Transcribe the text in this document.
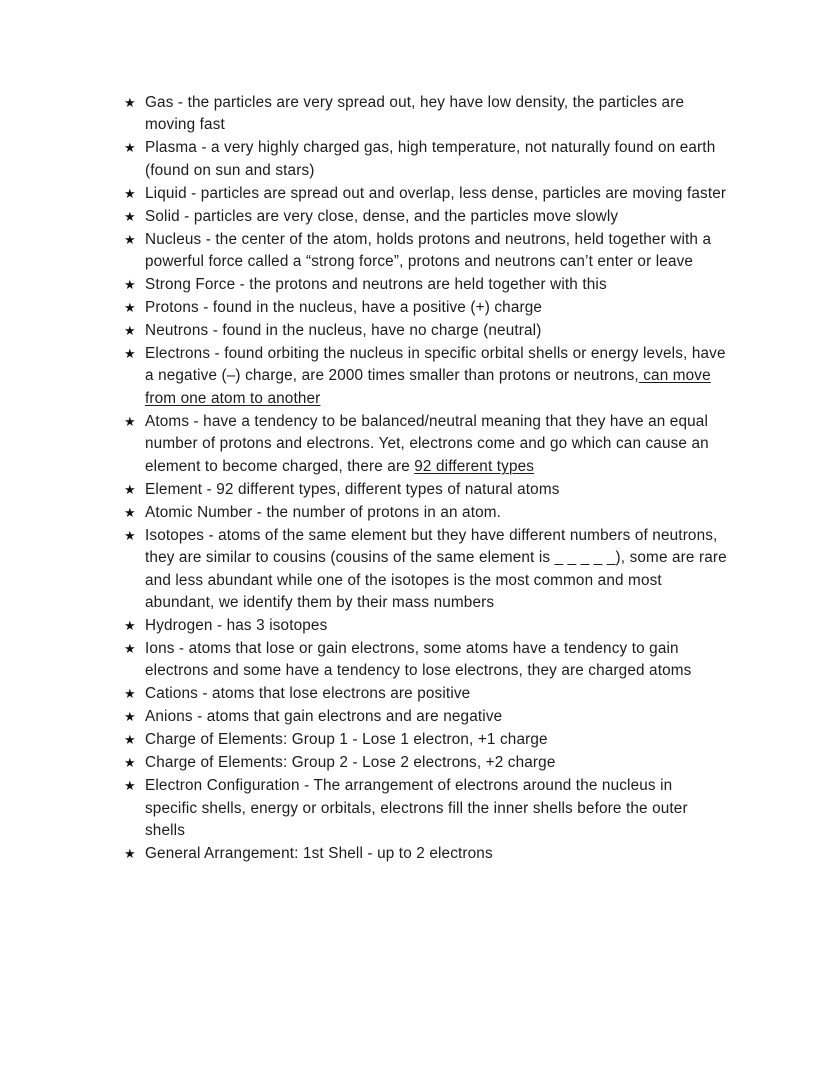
★ Gas - the particles are very spread out, hey have low density, the particles are moving fast
★ Plasma - a very highly charged gas, high temperature, not naturally found on earth (found on sun and stars)
★ Liquid - particles are spread out and overlap, less dense, particles are moving faster
★ Solid - particles are very close, dense, and the particles move slowly
★ Nucleus - the center of the atom, holds protons and neutrons, held together with a powerful force called a “strong force”, protons and neutrons can’t enter or leave
★ Strong Force - the protons and neutrons are held together with this
★ Protons - found in the nucleus, have a positive (+) charge
★ Neutrons - found in the nucleus, have no charge (neutral)
★ Electrons - found orbiting the nucleus in specific orbital shells or energy levels, have a negative (–) charge, are 2000 times smaller than protons or neutrons, can move from one atom to another
★ Atoms - have a tendency to be balanced/neutral meaning that they have an equal number of protons and electrons. Yet, electrons come and go which can cause an element to become charged, there are 92 different types
★ Element - 92 different types, different types of natural atoms
★ Atomic Number - the number of protons in an atom.
★ Isotopes - atoms of the same element but they have different numbers of neutrons, they are similar to cousins (cousins of the same element is _ _ _ _ _), some are rare and less abundant while one of the isotopes is the most common and most abundant, we identify them by their mass numbers
★ Hydrogen - has 3 isotopes
★ Ions - atoms that lose or gain electrons, some atoms have a tendency to gain electrons and some have a tendency to lose electrons, they are charged atoms
★ Cations - atoms that lose electrons are positive
★ Anions - atoms that gain electrons and are negative
★ Charge of Elements: Group 1 - Lose 1 electron, +1 charge
★ Charge of Elements: Group 2 - Lose 2 electrons, +2 charge
★ Electron Configuration - The arrangement of electrons around the nucleus in specific shells, energy or orbitals, electrons fill the inner shells before the outer shells
★ General Arrangement: 1st Shell - up to 2 electrons
